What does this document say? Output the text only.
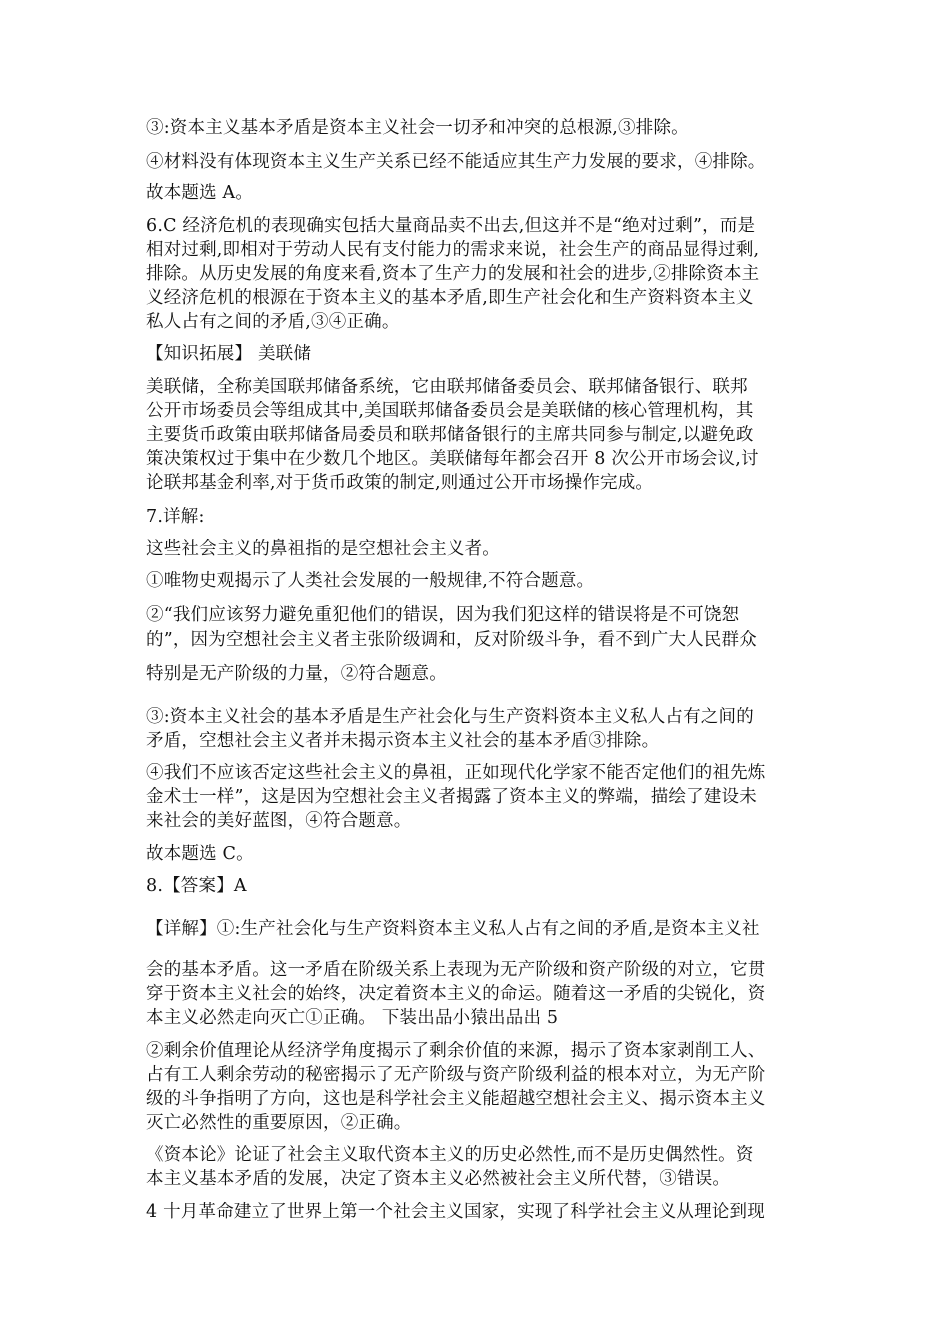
③:资本主义基本矛盾是资本主义社会一切矛和冲突的总根源,③排除。
④材料没有体现资本主义生产关系已经不能适应其生产力发展的要求，④排除。
故本题选 A。
6.C 经济危机的表现确实包括大量商品卖不出去,但这并不是“绝对过剩”，而是
相对过剩,即相对于劳动人民有支付能力的需求来说，社会生产的商品显得过剩,
排除。从历史发展的角度来看,资本了生产力的发展和社会的进步,②排除资本主
义经济危机的根源在于资本主义的基本矛盾,即生产社会化和生产资料资本主义
私人占有之间的矛盾,③④正确。
【知识拓展】 美联储
美联储，全称美国联邦储备系统，它由联邦储备委员会、联邦储备银行、联邦
公开市场委员会等组成其中,美国联邦储备委员会是美联储的核心管理机构，其
主要货币政策由联邦储备局委员和联邦储备银行的主席共同参与制定,以避免政
策决策权过于集中在少数几个地区。美联储每年都会召开 8 次公开市场会议,讨
论联邦基金利率,对于货币政策的制定,则通过公开市场操作完成。
7.详解:
这些社会主义的鼻祖指的是空想社会主义者。
①唯物史观揭示了人类社会发展的一般规律,不符合题意。
②“我们应该努力避免重犯他们的错误，因为我们犯这样的错误将是不可饶恕
的”，因为空想社会主义者主张阶级调和，反对阶级斗争，看不到广大人民群众
特别是无产阶级的力量，②符合题意。
③:资本主义社会的基本矛盾是生产社会化与生产资料资本主义私人占有之间的
矛盾，空想社会主义者并未揭示资本主义社会的基本矛盾③排除。
④我们不应该否定这些社会主义的鼻祖，正如现代化学家不能否定他们的祖先炼
金术士一样”，这是因为空想社会主义者揭露了资本主义的弊端，描绘了建设未
来社会的美好蓝图，④符合题意。
故本题选 C。
8.【答案】A
【详解】①:生产社会化与生产资料资本主义私人占有之间的矛盾,是资本主义社
会的基本矛盾。这一矛盾在阶级关系上表现为无产阶级和资产阶级的对立，它贯
穿于资本主义社会的始终，决定着资本主义的命运。随着这一矛盾的尖锐化，资
本主义必然走向灭亡①正确。 下装出品小猿出品出 5
②剩余价值理论从经济学角度揭示了剩余价值的来源，揭示了资本家剥削工人、
占有工人剩余劳动的秘密揭示了无产阶级与资产阶级利益的根本对立，为无产阶
级的斗争指明了方向，这也是科学社会主义能超越空想社会主义、揭示资本主义
灭亡必然性的重要原因，②正确。
《资本论》论证了社会主义取代资本主义的历史必然性,而不是历史偶然性。资
本主义基本矛盾的发展，决定了资本主义必然被社会主义所代替，③错误。
4 十月革命建立了世界上第一个社会主义国家，实现了科学社会主义从理论到现
